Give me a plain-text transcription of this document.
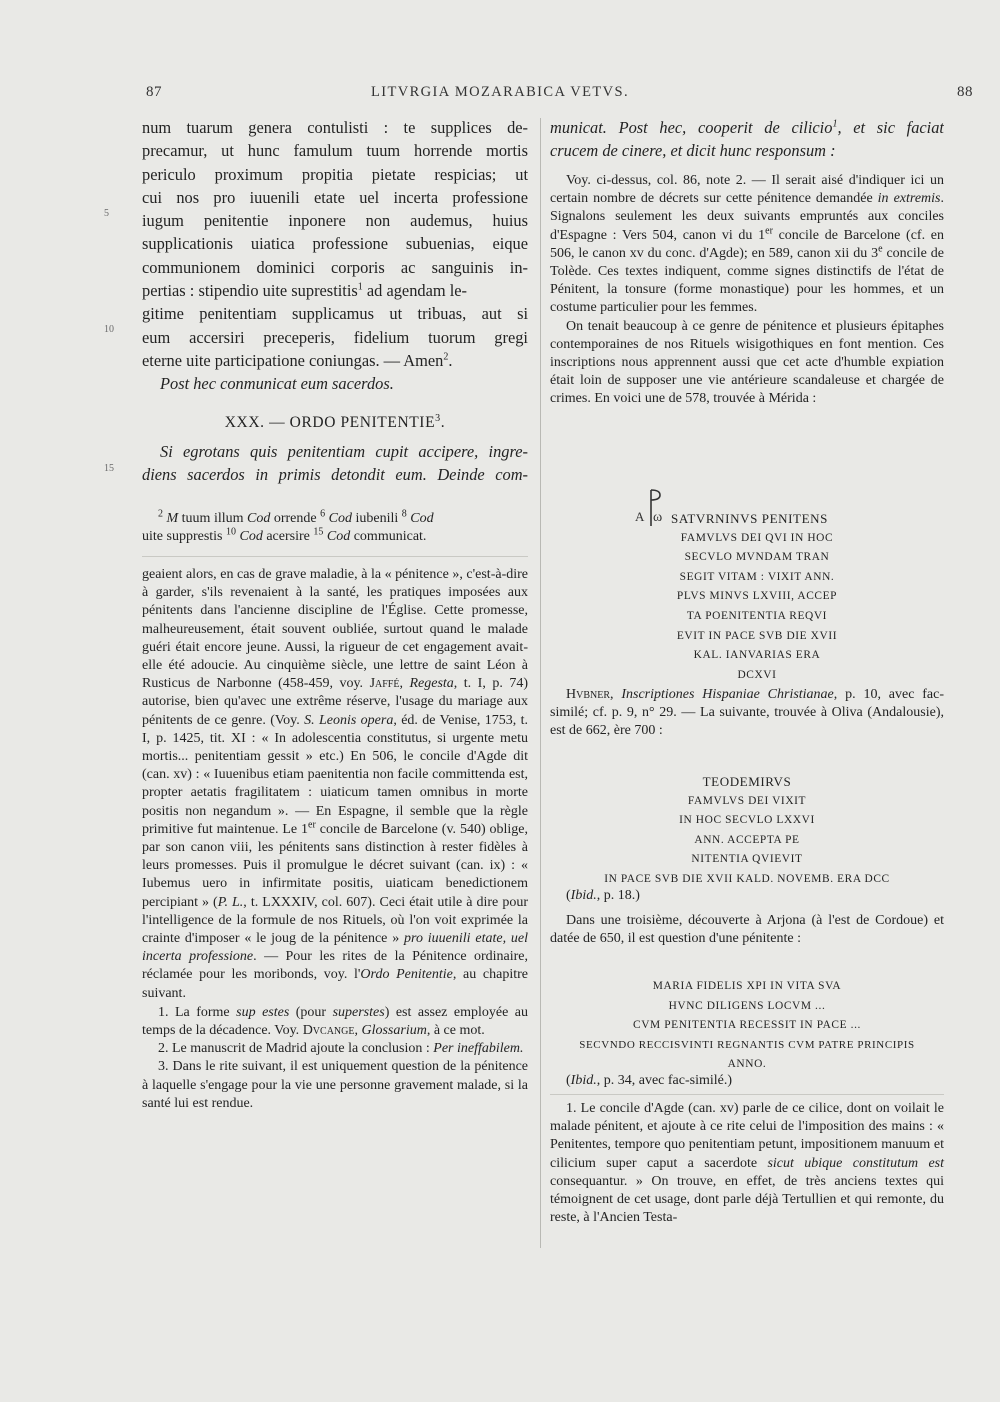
87	LITVRGIA MOZARABICA VETVS.	88
5
10
15
num tuarum genera contulisti : te supplices de-
precamur, ut hunc famulum tuum horrende mortis
periculo proximum propitia pietate respicias; ut
cui nos pro iuuenili etate uel incerta professione
iugum penitentie inponere non audemus, huius
supplicationis uiatica professione subuenias, eique
communionem dominici corporis ac sanguinis in-
pertias : stipendio uite suprestitis$^1$ ad agendam le-
gitime penitentiam supplicamus ut tribuas, aut si
eum accersiri preceperis, fidelium tuorum gregi
eterne uite participatione coniungas. — Amen$^2$.
Post hec conmunicat eum sacerdos.
XXX. — ORDO PENITENTIE$^3$.
Si egrotans quis penitentiam cupit accipere, ingre-
diens sacerdos in primis detondit eum. Deinde com-
$^2$ M tuum illum Cod orrende $^6$ Cod iubenili $^8$ Cod
uite supprestis $^{10}$ Cod acersire $^{15}$ Cod communicat.

geaient alors, en cas de grave maladie, à la « pénitence », c'est-à-dire à garder, s'ils revenaient à la santé, les pratiques imposées aux pénitents dans l'ancienne discipline de l'Église. Cette promesse, malheureusement, était souvent oubliée, surtout quand le malade guéri était encore jeune. Aussi, la rigueur de cet engagement avait-elle été adoucie. Au cinquième siècle, une lettre de saint Léon à Rusticus de Narbonne (458-459, voy. Jaffé, Regesta, t. I, p. 74) autorise, bien qu'avec une extrême réserve, l'usage du mariage aux pénitents de ce genre. (Voy. S. Leonis opera, éd. de Venise, 1753, t. I, p. 1425, tit. XI : « In adolescentia constitutus, si urgente metu mortis... penitentiam gessit » etc.) En 506, le concile d'Agde dit (can. xv) : « Iuuenibus etiam paenitentia non facile committenda est, propter aetatis fragilitatem : uiaticum tamen omnibus in morte positis non negandum ». — En Espagne, il semble que la règle primitive fut maintenue. Le 1er concile de Barcelone (v. 540) oblige, par son canon viii, les pénitents sans distinction à rester fidèles à leurs promesses. Puis il promulgue le décret suivant (can. ix) : « Iubemus uero in infirmitate positis, uiaticam benedictionem percipiant » (P. L., t. LXXXIV, col. 607). Ceci était utile à dire pour l'intelligence de la formule de nos Rituels, où l'on voit exprimée la crainte d'imposer « le joug de la pénitence » pro iuuenili etate, uel incerta professione. — Pour les rites de la Pénitence ordinaire, réclamée pour les moribonds, voy. l'Ordo Penitentie, au chapitre suivant.

1. La forme sup estes (pour superstes) est assez employée au temps de la décadence. Voy. Dvcange, Glossarium, à ce mot.

2. Le manuscrit de Madrid ajoute la conclusion : Per ineffabilem.

3. Dans le rite suivant, il est uniquement question de la pénitence à laquelle s'engage pour la vie une personne gravement malade, si la santé lui est rendue.

municat. Post hec, cooperit de cilicio$^1$, et sic faciat
crucem de cinere, et dicit hunc responsum :

Voy. ci-dessus, col. 86, note 2. — Il serait aisé d'indiquer ici un certain nombre de décrets sur cette pénitence demandée in extremis. Signalons seulement les deux suivants empruntés aux conciles d'Espagne : Vers 504, canon vi du 1er concile de Barcelone (cf. en 506, le canon xv du conc. d'Agde); en 589, canon xii du 3e concile de Tolède. Ces textes indiquent, comme signes distinctifs de l'état de Pénitent, la tonsure (forme monastique) pour les hommes, et un costume particulier pour les femmes.

On tenait beaucoup à ce genre de pénitence et plusieurs épitaphes contemporaines de nos Rituels wisigothiques en font mention. Ces inscriptions nous apprennent aussi que cet acte d'humble expiation était loin de supposer une vie antérieure scandaleuse et chargée de crimes. En voici une de 578, trouvée à Mérida :

A ω SATVRNINVS PENITENS
FAMVLVS DEI QVI IN HOC
SECVLO MVNDAM TRAN
SEGIT VITAM : VIXIT ANN.
PLVS MINVS LXVIII, ACCEP
TA POENITENTIA REQVI
EVIT IN PACE SVB DIE XVII
KAL. IANVARIAS ERA
DCXVI

Hvbner, Inscriptiones Hispaniae Christianae, p. 10, avec fac-similé; cf. p. 9, n° 29. — La suivante, trouvée à Oliva (Andalousie), est de 662, ère 700 :

TEODEMIRVS
FAMVLVS DEI VIXIT
IN HOC SECVLO LXXVI
ANN. ACCEPTA PE
NITENTIA QVIEVIT
IN PACE SVB DIE XVII KALD. NOVEMB. ERA DCC

(Ibid., p. 18.)

Dans une troisième, découverte à Arjona (à l'est de Cordoue) et datée de 650, il est question d'une pénitente :

MARIA FIDELIS XPI IN VITA SVA
HVNC DILIGENS LOCVM ...
CVM PENITENTIA RECESSIT IN PACE ...
SECVNDO RECCISVINTI REGNANTIS CVM PATRE PRINCIPIS
ANNO.

(Ibid., p. 34, avec fac-similé.)

1. Le concile d'Agde (can. xv) parle de ce cilice, dont on voilait le malade pénitent, et ajoute à ce rite celui de l'imposition des mains : « Penitentes, tempore quo penitentiam petunt, impositionem manuum et cilicium super caput a sacerdote sicut ubique constitutum est consequantur. » On trouve, en effet, de très anciens textes qui témoignent de cet usage, dont parle déjà Tertullien et qui remonte, du reste, à l'Ancien Testa-
